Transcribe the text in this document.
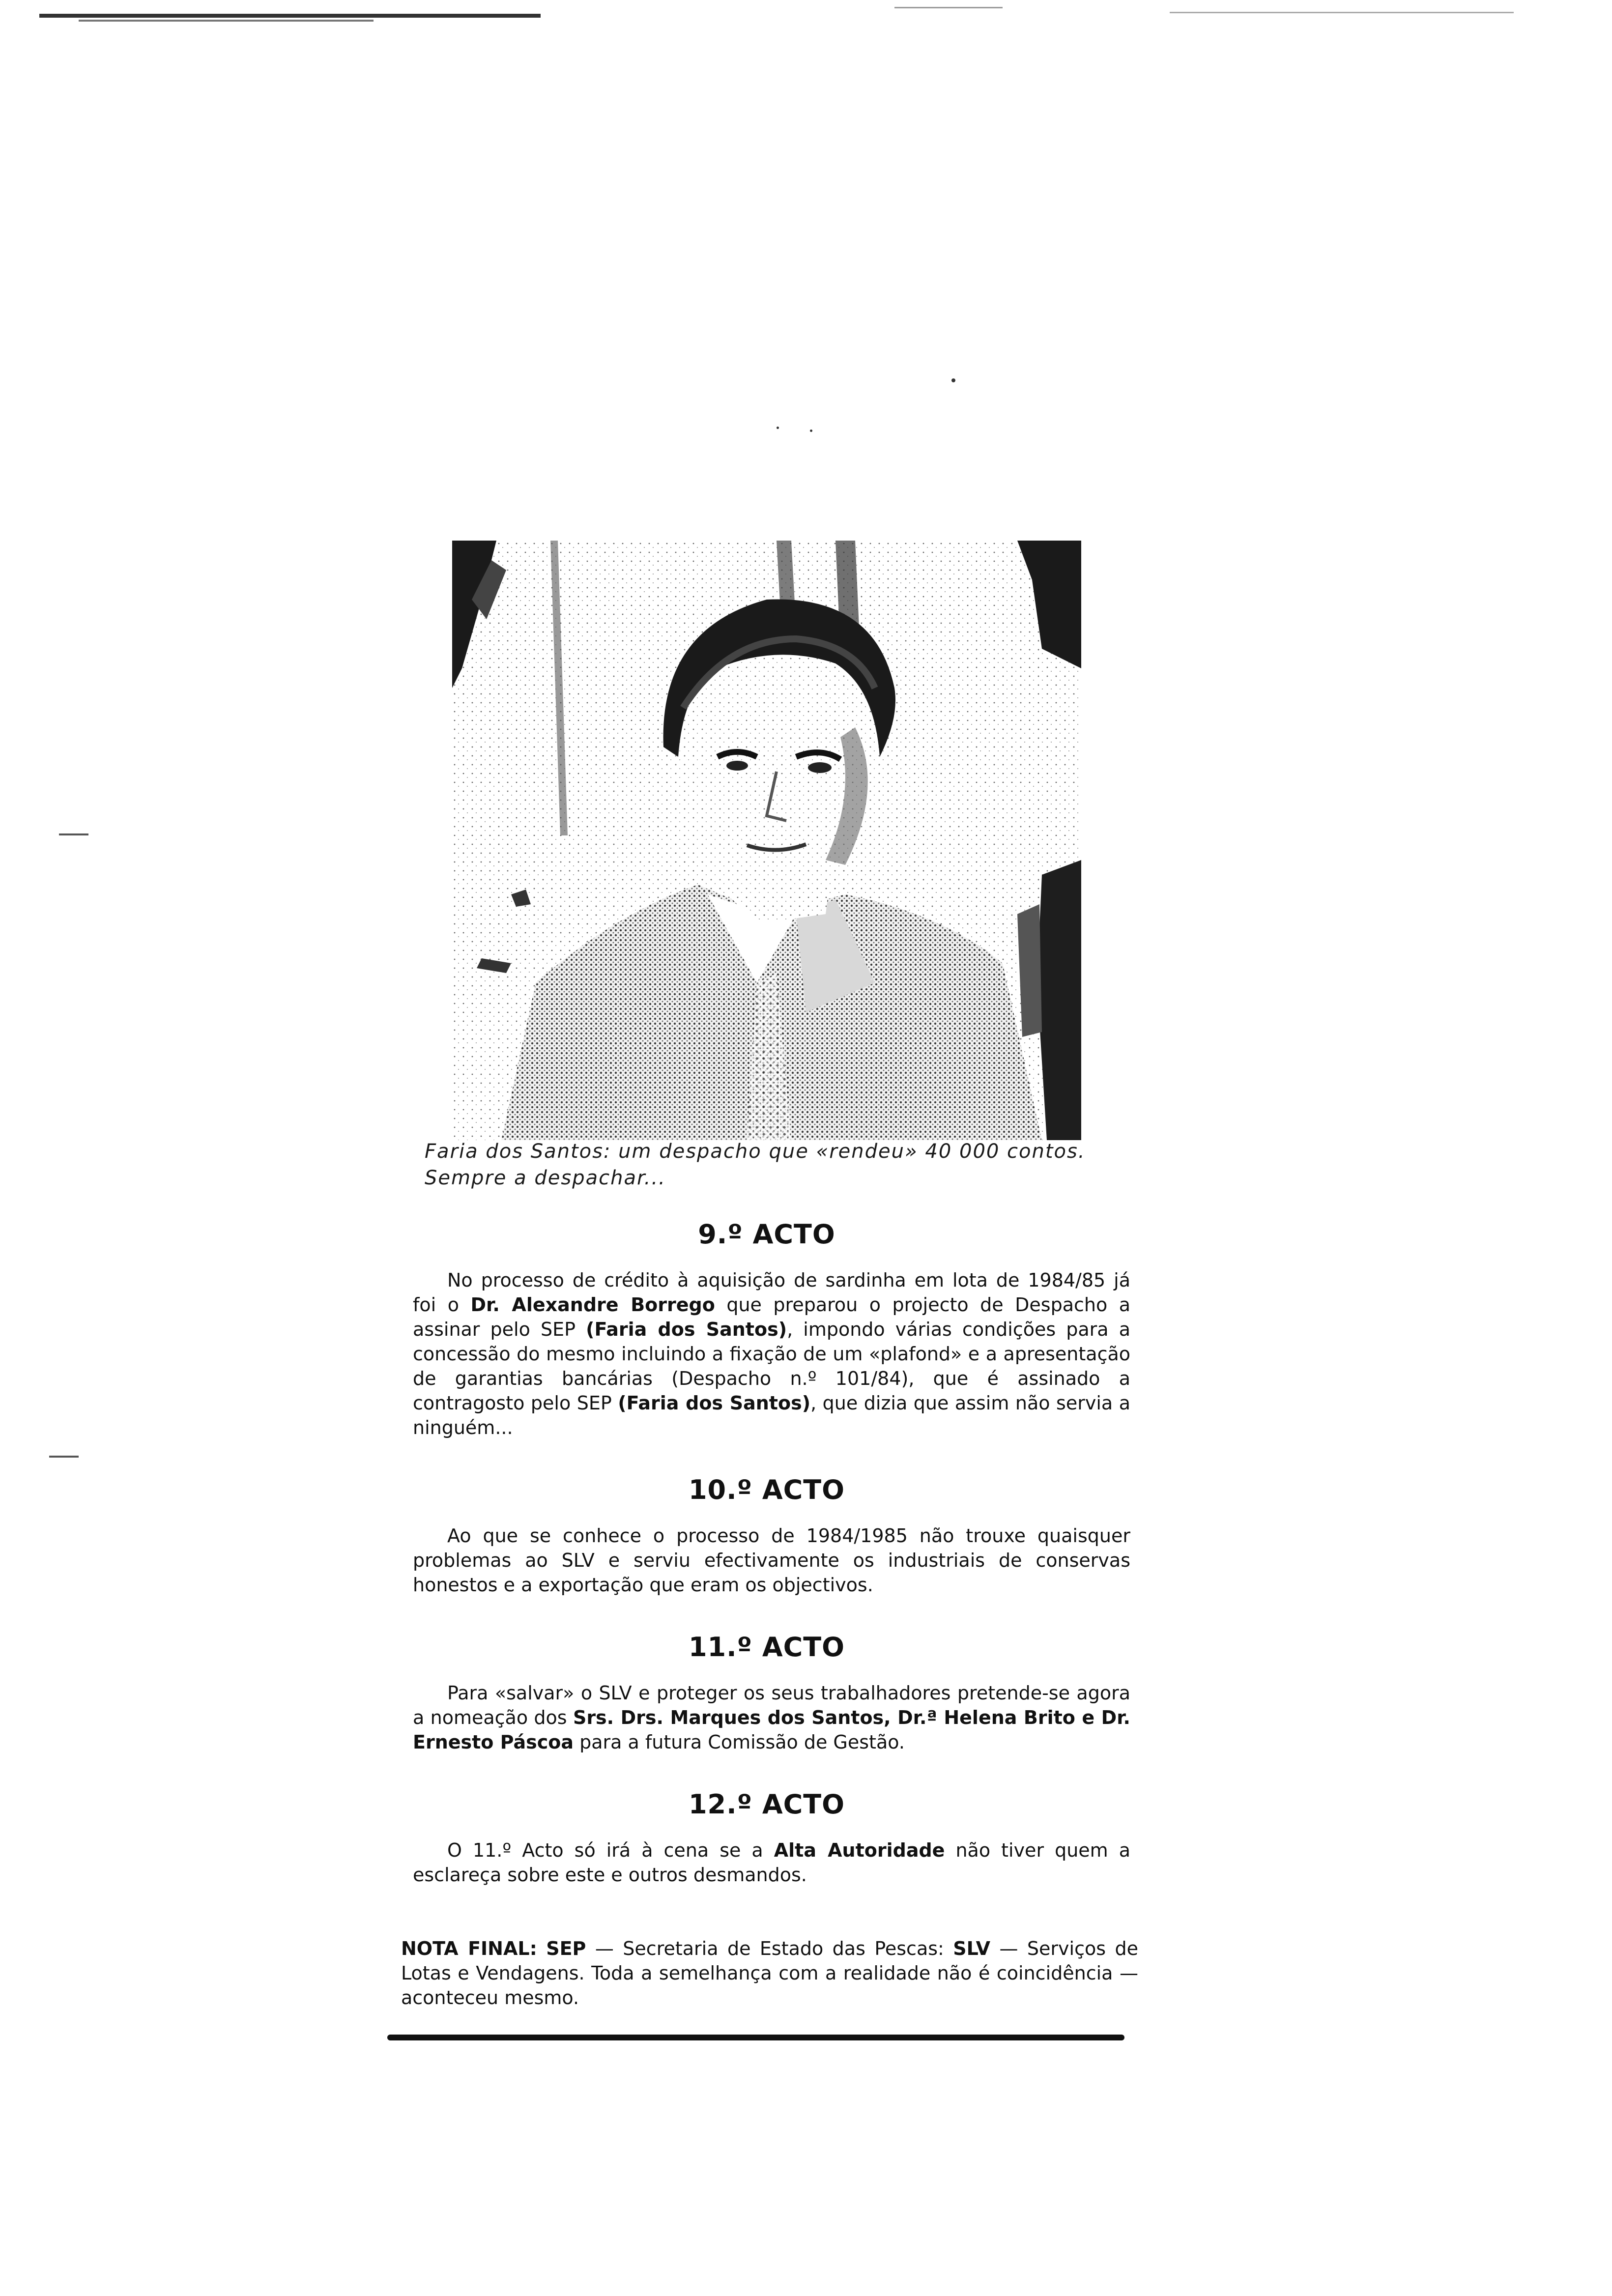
Faria dos Santos: um despacho que «rendeu» 40 000 contos.
Sempre a despachar...
9.º ACTO
No processo de crédito à aquisição de sardinha em lota de 1984/85 já foi o Dr. Alexandre Borrego que preparou o projecto de Despacho a assinar pelo SEP (Faria dos Santos), impondo várias condições para a concessão do mesmo incluindo a fixação de um «plafond» e a apresentação de garantias bancárias (Despacho n.º 101/84), que é assinado a contragosto pelo SEP (Faria dos Santos), que dizia que assim não servia a ninguém...
10.º ACTO
Ao que se conhece o processo de 1984/1985 não trouxe quaisquer problemas ao SLV e serviu efectivamente os industriais de conservas honestos e a exportação que eram os objectivos.
11.º ACTO
Para «salvar» o SLV e proteger os seus trabalhadores pretende-se agora a nomeação dos Srs. Drs. Marques dos Santos, Dr.ª Helena Brito e Dr. Ernesto Páscoa para a futura Comissão de Gestão.
12.º ACTO
O 11.º Acto só irá à cena se a Alta Autoridade não tiver quem a esclareça sobre este e outros desmandos.
NOTA FINAL: SEP — Secretaria de Estado das Pescas: SLV — Serviços de Lotas e Vendagens. Toda a semelhança com a realidade não é coincidência — aconteceu mesmo.
